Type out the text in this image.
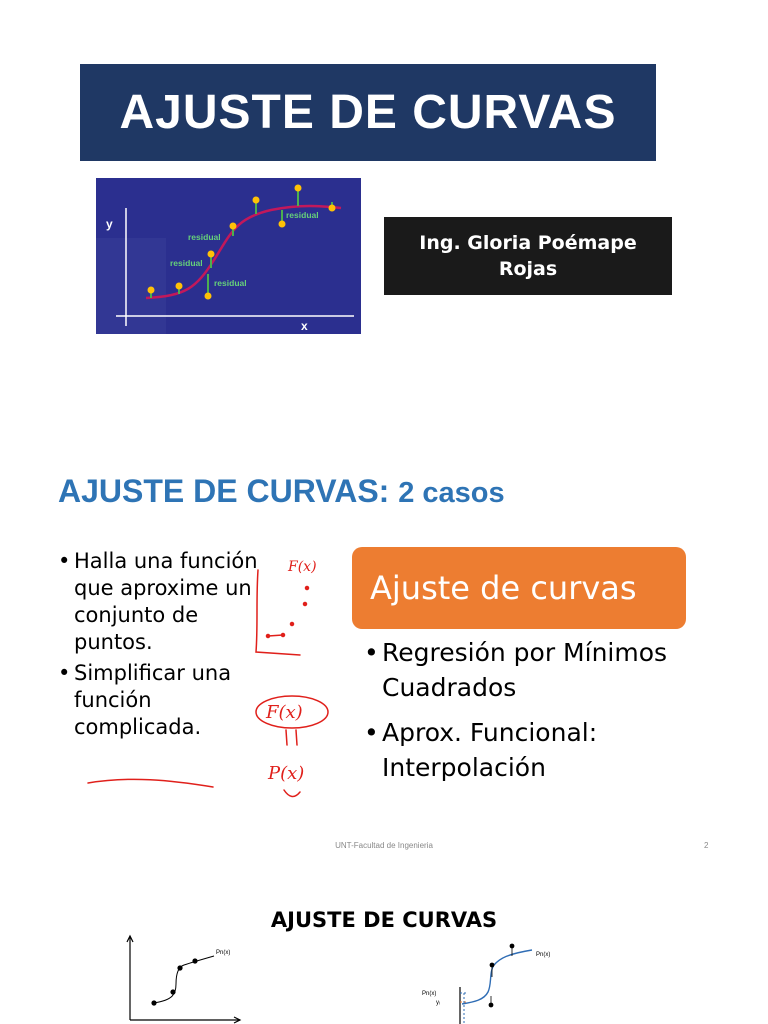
AJUSTE DE CURVAS
y
x
residual
residual
residual
residual
Ing. Gloria Poémape
Rojas
AJUSTE DE CURVAS: 2 casos
• Halla una función que aproxime un conjunto de puntos.
• Simplificar una función complicada.
Ajuste de curvas
• Regresión por Mínimos Cuadrados
• Aprox. Funcional: Interpolación
F(x)
F(x)
P(x)
UNT-Facultad de Ingenieria	2
AJUSTE DE CURVAS
Pn(x)	Pn(x)
Pn(x)
yᵢ
